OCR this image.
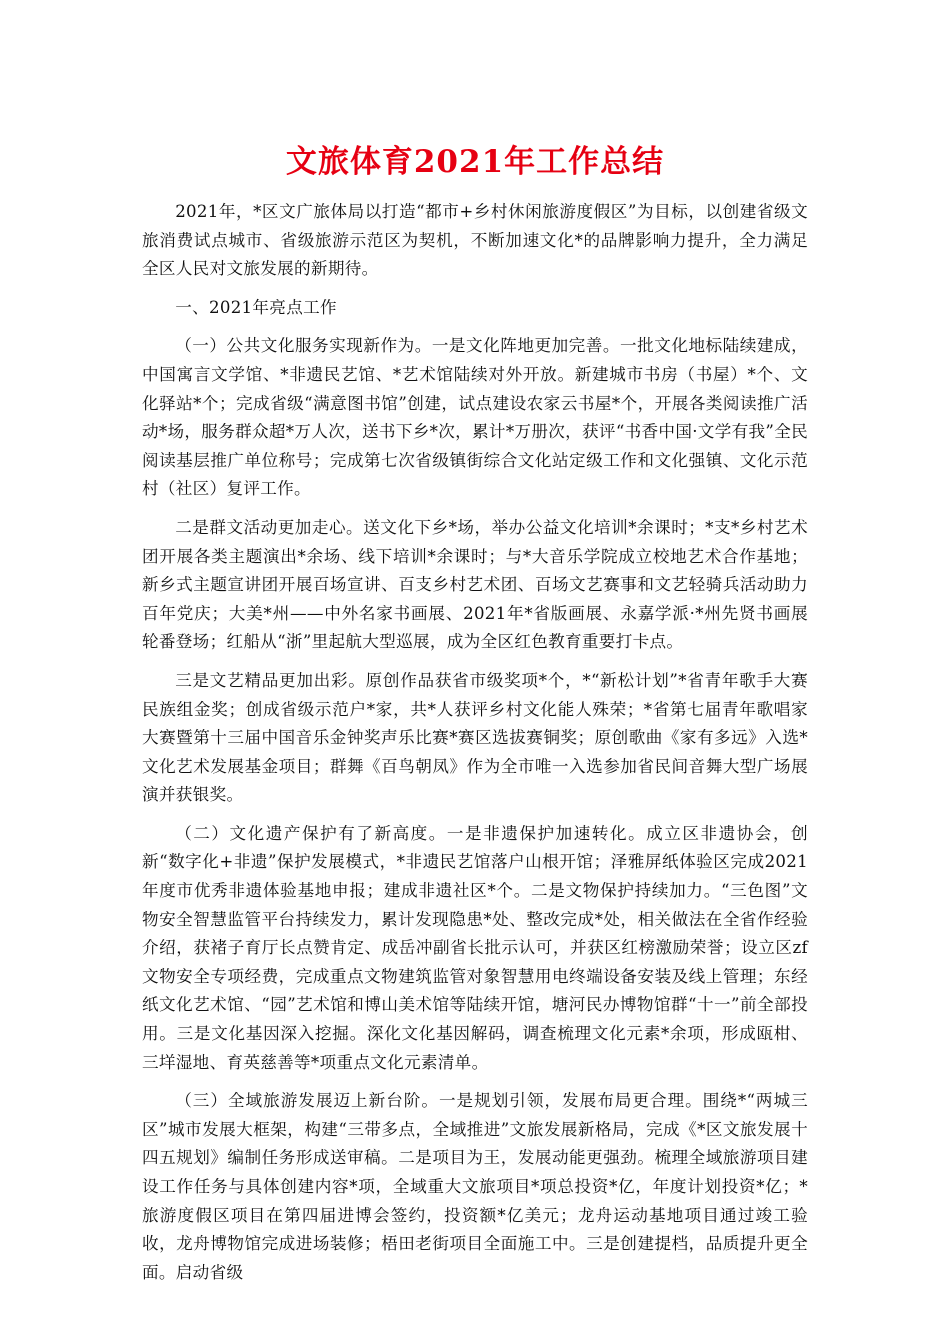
文旅体育2021年工作总结

2021年，*区文广旅体局以打造“都市+乡村休闲旅游度假区”为目标，以创建省级文旅消费试点城市、省级旅游示范区为契机，不断加速文化*的品牌影响力提升，全力满足全区人民对文旅发展的新期待。

一、2021年亮点工作

（一）公共文化服务实现新作为。一是文化阵地更加完善。一批文化地标陆续建成，中国寓言文学馆、*非遗民艺馆、*艺术馆陆续对外开放。新建城市书房（书屋）*个、文化驿站*个；完成省级“满意图书馆”创建，试点建设农家云书屋*个，开展各类阅读推广活动*场，服务群众超*万人次，送书下乡*次，累计*万册次，获评“书香中国·文学有我”全民阅读基层推广单位称号；完成第七次省级镇街综合文化站定级工作和文化强镇、文化示范村（社区）复评工作。

二是群文活动更加走心。送文化下乡*场，举办公益文化培训*余课时；*支*乡村艺术团开展各类主题演出*余场、线下培训*余课时；与*大音乐学院成立校地艺术合作基地；新乡式主题宣讲团开展百场宣讲、百支乡村艺术团、百场文艺赛事和文艺轻骑兵活动助力百年党庆；大美*州——中外名家书画展、2021年*省版画展、永嘉学派·*州先贤书画展轮番登场；红船从“浙”里起航大型巡展，成为全区红色教育重要打卡点。

三是文艺精品更加出彩。原创作品获省市级奖项*个，*“新松计划”*省青年歌手大赛民族组金奖；创成省级示范户*家，共*人获评乡村文化能人殊荣；*省第七届青年歌唱家大赛暨第十三届中国音乐金钟奖声乐比赛*赛区选拔赛铜奖；原创歌曲《家有多远》入选*文化艺术发展基金项目；群舞《百鸟朝凤》作为全市唯一入选参加省民间音舞大型广场展演并获银奖。

（二）文化遗产保护有了新高度。一是非遗保护加速转化。成立区非遗协会，创新“数字化+非遗”保护发展模式，*非遗民艺馆落户山根开馆；泽雅屏纸体验区完成2021年度市优秀非遗体验基地申报；建成非遗社区*个。二是文物保护持续加力。“三色图”文物安全智慧监管平台持续发力，累计发现隐患*处、整改完成*处，相关做法在全省作经验介绍，获褚子育厅长点赞肯定、成岳冲副省长批示认可，并获区红榜激励荣誉；设立区zf文物安全专项经费，完成重点文物建筑监管对象智慧用电终端设备安装及线上管理；东经纸文化艺术馆、“园”艺术馆和博山美术馆等陆续开馆，塘河民办博物馆群“十一”前全部投用。三是文化基因深入挖掘。深化文化基因解码，调查梳理文化元素*余项，形成瓯柑、三垟湿地、育英慈善等*项重点文化元素清单。

（三）全域旅游发展迈上新台阶。一是规划引领，发展布局更合理。围绕*“两城三区”城市发展大框架，构建“三带多点，全域推进”文旅发展新格局，完成《*区文旅发展十四五规划》编制任务形成送审稿。二是项目为王，发展动能更强劲。梳理全域旅游项目建设工作任务与具体创建内容*项，全域重大文旅项目*项总投资*亿，年度计划投资*亿；*旅游度假区项目在第四届进博会签约，投资额*亿美元；龙舟运动基地项目通过竣工验收，龙舟博物馆完成进场装修；梧田老街项目全面施工中。三是创建提档，品质提升更全面。启动省级
